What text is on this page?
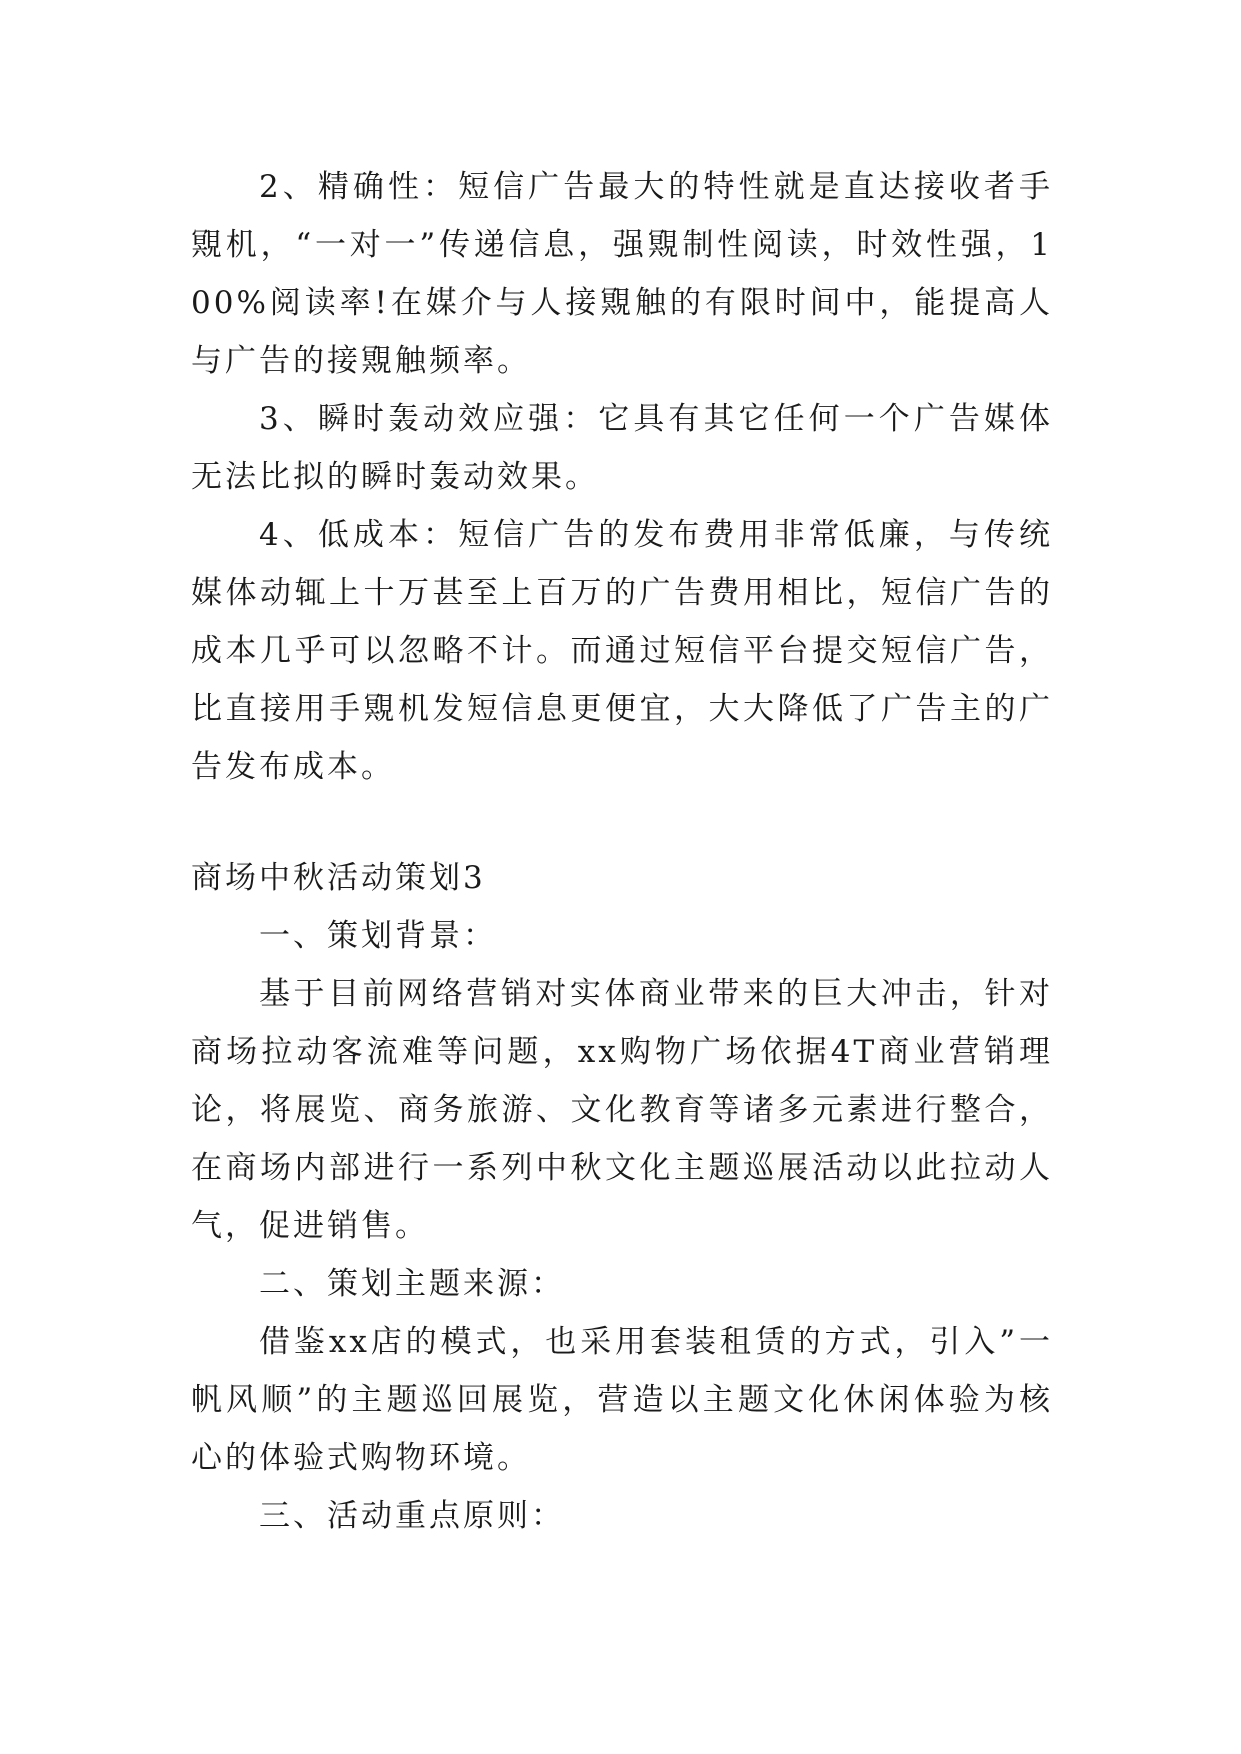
2、精确性：短信广告最大的特性就是直达接收者手覭机，“一对一”传递信息，强覭制性阅读，时效性强，100%阅读率!在媒介与人接覭触的有限时间中，能提高人与广告的接覭触频率。

3、瞬时轰动效应强：它具有其它任何一个广告媒体无法比拟的瞬时轰动效果。

4、低成本：短信广告的发布费用非常低廉，与传统媒体动辄上十万甚至上百万的广告费用相比，短信广告的成本几乎可以忽略不计。而通过短信平台提交短信广告，比直接用手覭机发短信息更便宜，大大降低了广告主的广告发布成本。

商场中秋活动策划3

一、策划背景：

基于目前网络营销对实体商业带来的巨大冲击，针对商场拉动客流难等问题，xx购物广场依据4T商业营销理论，将展览、商务旅游、文化教育等诸多元素进行整合，在商场内部进行一系列中秋文化主题巡展活动以此拉动人气，促进销售。

二、策划主题来源：

借鉴xx店的模式，也采用套装租赁的方式，引入”一帆风顺”的主题巡回展览，营造以主题文化休闲体验为核心的体验式购物环境。

三、活动重点原则：
